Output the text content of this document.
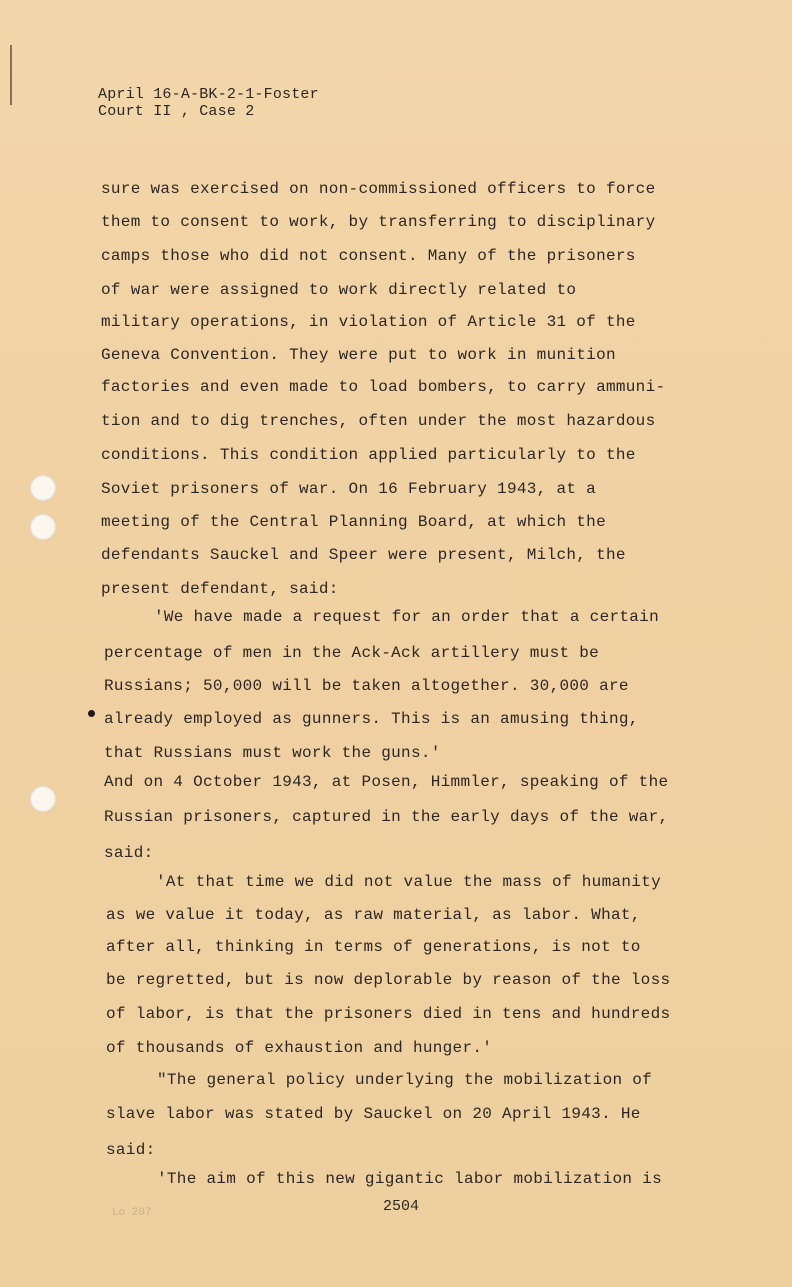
April 16-A-BK-2-1-Foster
Court II , Case 2
sure was exercised on non-commissioned officers to force
them to consent to work, by transferring to disciplinary
camps those who did not consent. Many of the prisoners
of war were assigned to work directly related to
military operations, in violation of Article 31 of the
Geneva Convention. They were put to work in munition
factories and even made to load bombers, to carry ammuni-
tion and to dig trenches, often under the most hazardous
conditions. This condition applied particularly to the
Soviet prisoners of war. On 16 February 1943, at a
meeting of the Central Planning Board, at which the
defendants Sauckel and Speer were present, Milch, the
present defendant, said:
'We have made a request for an order that a certain
percentage of men in the Ack-Ack artillery must be
Russians; 50,000 will be taken altogether. 30,000 are
already employed as gunners. This is an amusing thing,
that Russians must work the guns.'
And on 4 October 1943, at Posen, Himmler, speaking of the
Russian prisoners, captured in the early days of the war,
said:
'At that time we did not value the mass of humanity
as we value it today, as raw material, as labor. What,
after all, thinking in terms of generations, is not to
be regretted, but is now deplorable by reason of the loss
of labor, is that the prisoners died in tens and hundreds
of thousands of exhaustion and hunger.'
"The general policy underlying the mobilization of
slave labor was stated by Sauckel on 20 April 1943. He
said:
'The aim of this new gigantic labor mobilization is
Lo 207	2504
